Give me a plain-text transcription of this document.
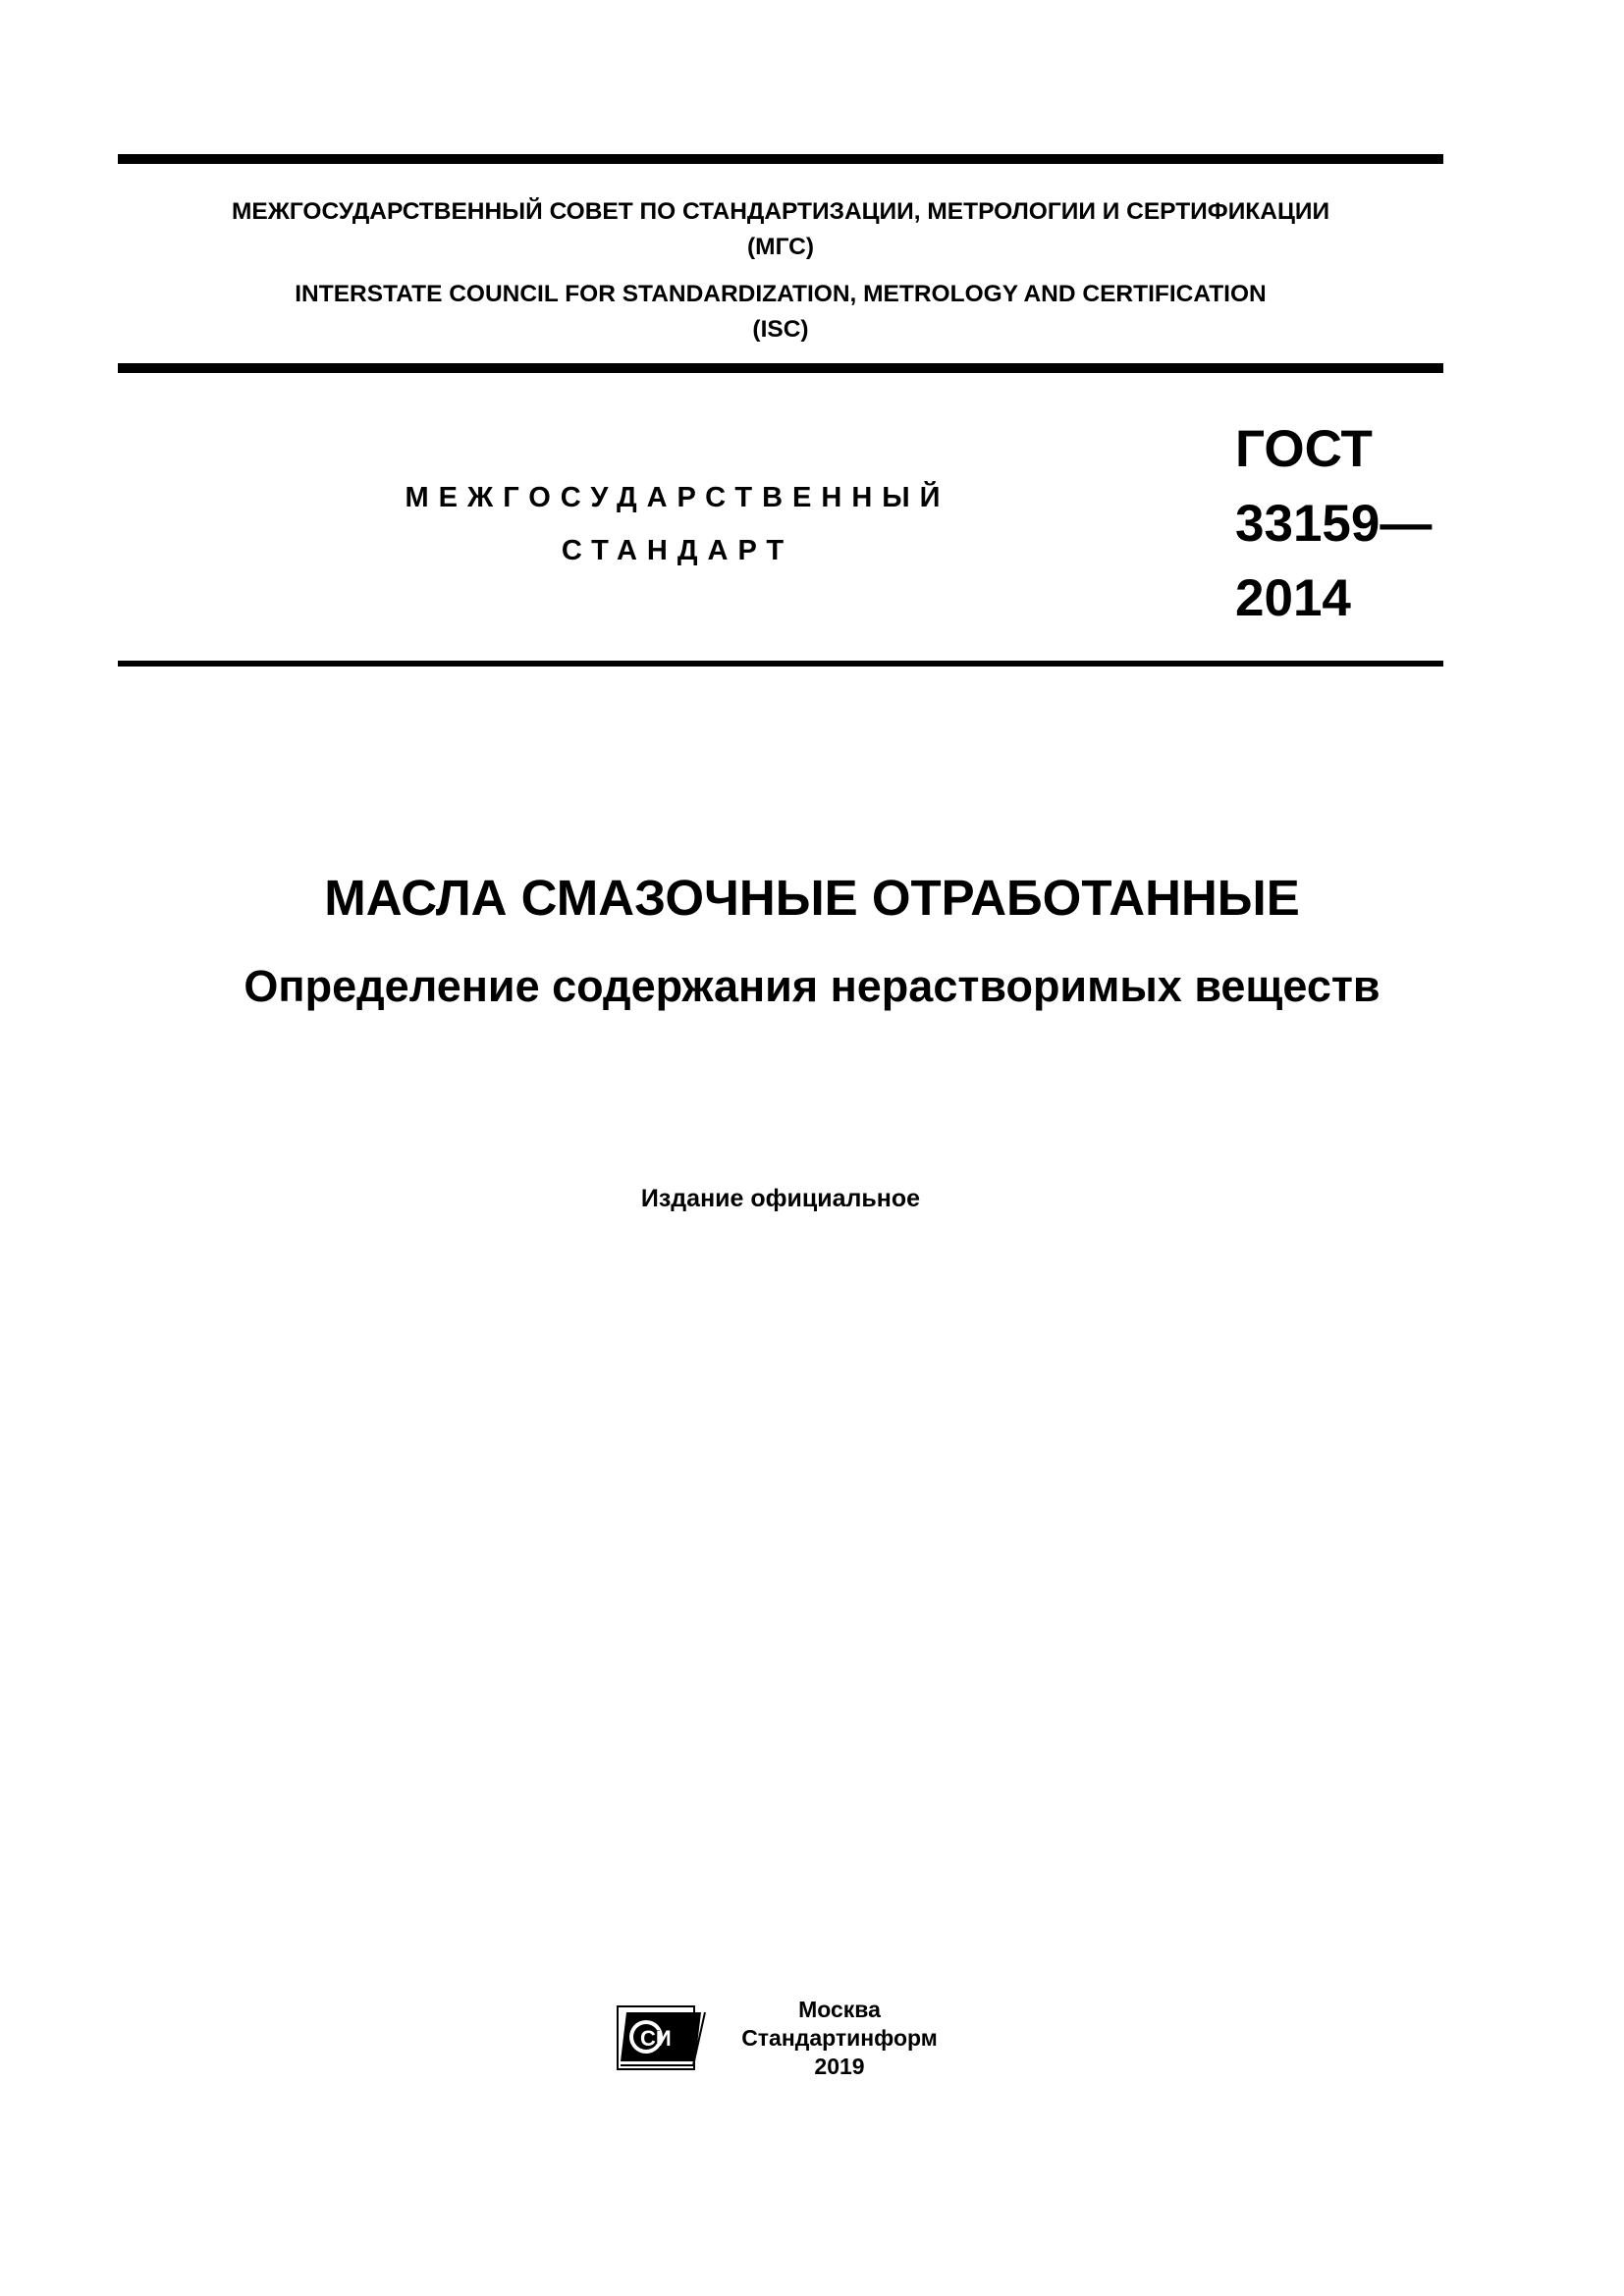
МЕЖГОСУДАРСТВЕННЫЙ СОВЕТ ПО СТАНДАРТИЗАЦИИ, МЕТРОЛОГИИ И СЕРТИФИКАЦИИ
(МГС)
INTERSTATE COUNCIL FOR STANDARDIZATION, METROLOGY AND CERTIFICATION
(ISC)
МЕЖГОСУДАРСТВЕННЫЙ
СТАНДАРТ
ГОСТ
33159—
2014
МАСЛА СМАЗОЧНЫЕ ОТРАБОТАННЫЕ
Определение содержания нерастворимых веществ
Издание официальное
СИ
Москва
Стандартинформ
2019
